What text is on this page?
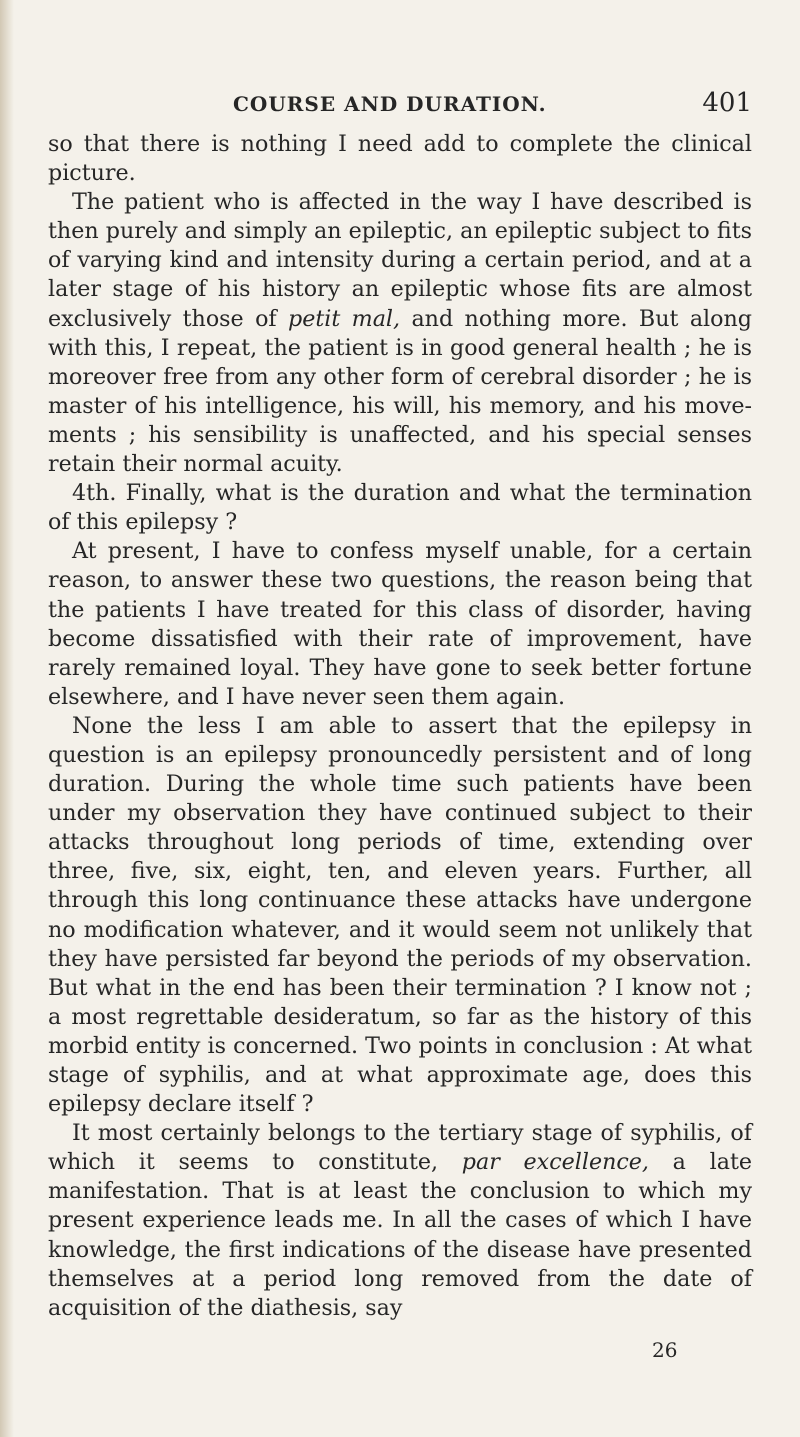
COURSE AND DURATION.	401

so that there is nothing I need add to complete the clinical picture.

The patient who is affected in the way I have described is then purely and simply an epileptic, an epileptic subject to fits of varying kind and intensity during a certain period, and at a later stage of his history an epileptic whose fits are almost exclusively those of petit mal, and nothing more. But along with this, I repeat, the patient is in good general health ; he is moreover free from any other form of cerebral disorder ; he is master of his intelligence, his will, his memory, and his movements ; his sensibility is unaffected, and his special senses retain their normal acuity.

4th. Finally, what is the duration and what the termination of this epilepsy ?

At present, I have to confess myself unable, for a certain reason, to answer these two questions, the reason being that the patients I have treated for this class of disorder, having become dissatisfied with their rate of improvement, have rarely remained loyal. They have gone to seek better fortune elsewhere, and I have never seen them again.

None the less I am able to assert that the epilepsy in question is an epilepsy pronouncedly persistent and of long duration. During the whole time such patients have been under my observation they have continued subject to their attacks throughout long periods of time, extending over three, five, six, eight, ten, and eleven years. Further, all through this long continuance these attacks have undergone no modification whatever, and it would seem not unlikely that they have persisted far beyond the periods of my observation. But what in the end has been their termination ? I know not ; a most regrettable desideratum, so far as the history of this morbid entity is concerned. Two points in conclusion : At what stage of syphilis, and at what approximate age, does this epilepsy declare itself ?

It most certainly belongs to the tertiary stage of syphilis, of which it seems to constitute, par excellence, a late manifestation. That is at least the conclusion to which my present experience leads me. In all the cases of which I have knowledge, the first indications of the disease have presented themselves at a period long removed from the date of acquisition of the diathesis, say

26
